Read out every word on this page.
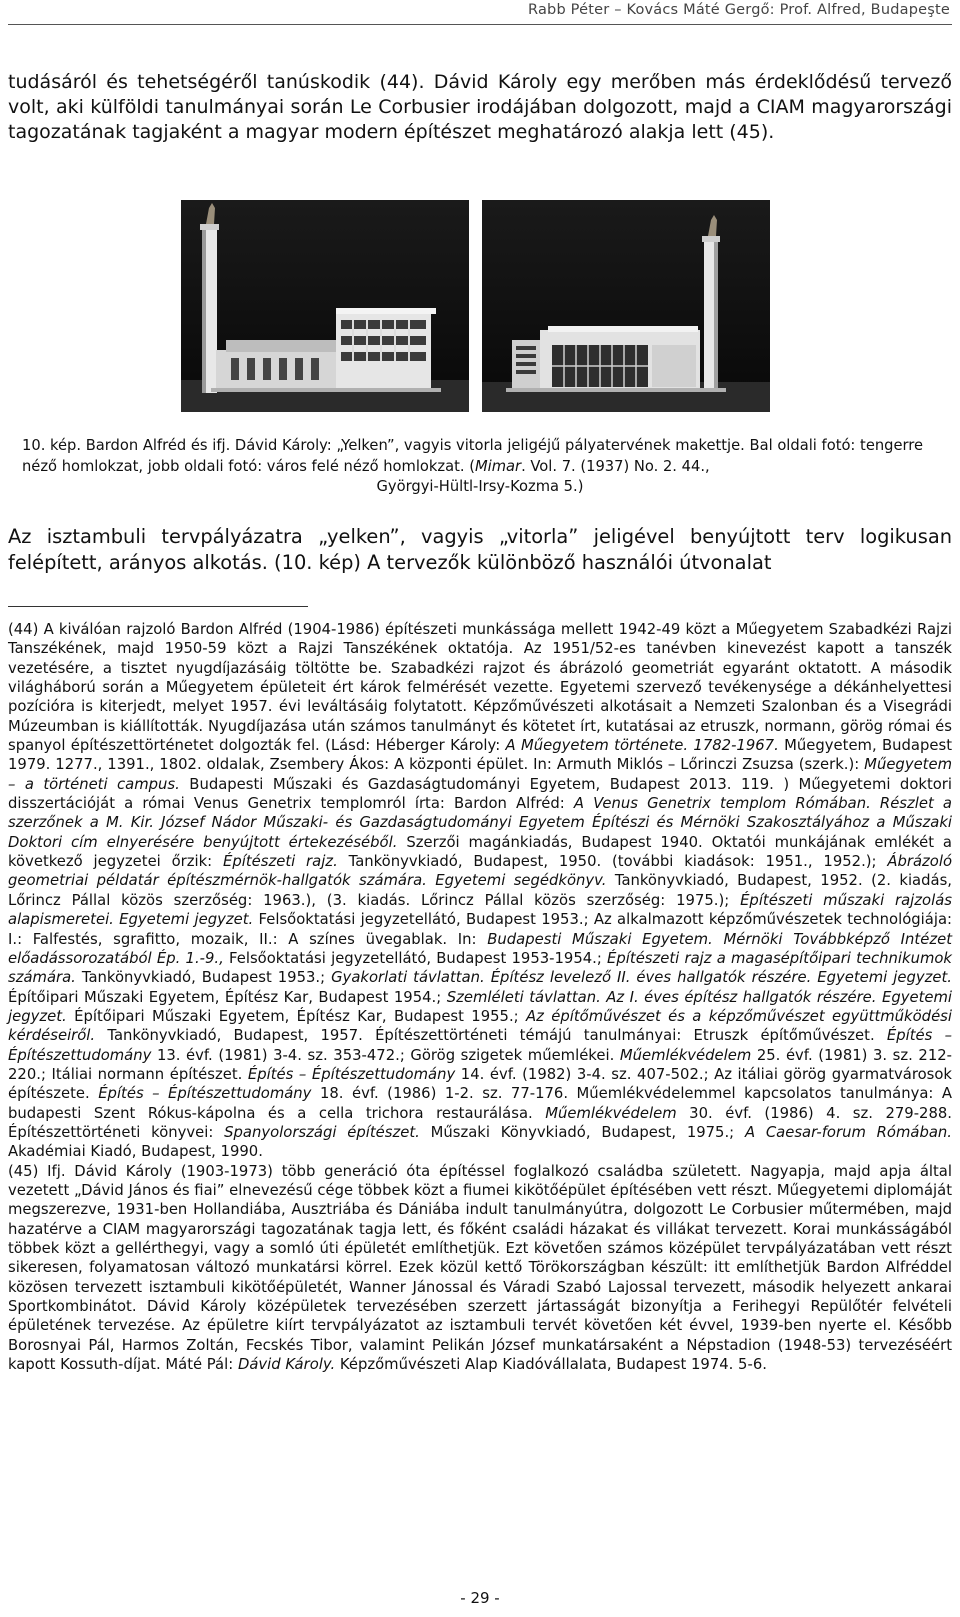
Rabb Péter – Kovács Máté Gergő: Prof. Alfred, Budapeşte
tudásáról és tehetségéről tanúskodik (44). Dávid Károly egy merőben más érdeklődésű tervező volt, aki külföldi tanulmányai során Le Corbusier irodájában dolgozott, majd a CIAM magyarországi tagozatának tagjaként a magyar modern építészet meghatározó alakja lett (45).
10. kép. Bardon Alfréd és ifj. Dávid Károly: „Yelken”, vagyis vitorla jeligéjű pályatervének makettje. Bal oldali fotó: tengerre néző homlokzat, jobb oldali fotó: város felé néző homlokzat. (Mimar. Vol. 7. (1937) No. 2. 44.,
Györgyi-Hültl-Irsy-Kozma 5.)
Az isztambuli tervpályázatra „yelken”, vagyis „vitorla” jeligével benyújtott terv logikusan felépített, arányos alkotás. (10. kép) A tervezők különböző használói útvonalat

(44) A kiválóan rajzoló Bardon Alfréd (1904-1986) építészeti munkássága mellett 1942-49 közt a Műegyetem Szabadkézi Rajzi Tanszékének, majd 1950-59 közt a Rajzi Tanszékének oktatója. Az 1951/52-es tanévben kinevezést kapott a tanszék vezetésére, a tisztet nyugdíjazásáig töltötte be. Szabadkézi rajzot és ábrázoló geometriát egyaránt oktatott. A második világháború során a Műegyetem épületeit ért károk felmérését vezette. Egyetemi szervező tevékenysége a dékánhelyettesi pozícióra is kiterjedt, melyet 1957. évi leváltásáig folytatott. Képzőművészeti alkotásait a Nemzeti Szalonban és a Visegrádi Múzeumban is kiállították. Nyugdíjazása után számos tanulmányt és kötetet írt, kutatásai az etruszk, normann, görög római és spanyol építészettörténetet dolgozták fel. (Lásd: Héberger Károly: A Műegyetem története. 1782-1967. Műegyetem, Budapest 1979. 1277., 1391., 1802. oldalak, Zsembery Ákos: A központi épület. In: Armuth Miklós – Lőrinczi Zsuzsa (szerk.): Műegyetem – a történeti campus. Budapesti Műszaki és Gazdaságtudományi Egyetem, Budapest 2013. 119. ) Műegyetemi doktori disszertációját a római Venus Genetrix templomról írta: Bardon Alfréd: A Venus Genetrix templom Rómában. Részlet a szerzőnek a M. Kir. József Nádor Műszaki- és Gazdaságtudományi Egyetem Építészi és Mérnöki Szakosztályához a Műszaki Doktori cím elnyerésére benyújtott értekezéséből. Szerzői magánkiadás, Budapest 1940. Oktatói munkájának emlékét a következő jegyzetei őrzik: Építészeti rajz. Tankönyvkiadó, Budapest, 1950. (további kiadások: 1951., 1952.); Ábrázoló geometriai példatár építészmérnök-hallgatók számára. Egyetemi segédkönyv. Tankönyvkiadó, Budapest, 1952. (2. kiadás, Lőrincz Pállal közös szerzőség: 1963.), (3. kiadás. Lőrincz Pállal közös szerzőség: 1975.); Építészeti műszaki rajzolás alapismeretei. Egyetemi jegyzet. Felsőoktatási jegyzetellátó, Budapest 1953.; Az alkalmazott képzőművészetek technológiája: I.: Falfestés, sgrafitto, mozaik, II.: A színes üvegablak. In: Budapesti Műszaki Egyetem. Mérnöki Továbbképző Intézet előadássorozatából Ép. 1.-9., Felsőoktatási jegyzetellátó, Budapest 1953-1954.; Építészeti rajz a magasépítőipari technikumok számára. Tankönyvkiadó, Budapest 1953.; Gyakorlati távlattan. Építész levelező II. éves hallgatók részére. Egyetemi jegyzet. Építőipari Műszaki Egyetem, Építész Kar, Budapest 1954.; Szemléleti távlattan. Az I. éves építész hallgatók részére. Egyetemi jegyzet. Építőipari Műszaki Egyetem, Építész Kar, Budapest 1955.; Az építőművészet és a képzőművészet együttműködési kérdéseiről. Tankönyvkiadó, Budapest, 1957. Építészettörténeti témájú tanulmányai: Etruszk építőművészet. Építés – Építészettudomány 13. évf. (1981) 3-4. sz. 353-472.; Görög szigetek műemlékei. Műemlékvédelem 25. évf. (1981) 3. sz. 212-220.; Itáliai normann építészet. Építés – Építészettudomány 14. évf. (1982) 3-4. sz. 407-502.; Az itáliai görög gyarmatvárosok építészete. Építés – Építészettudomány 18. évf. (1986) 1-2. sz. 77-176. Műemlékvédelemmel kapcsolatos tanulmánya: A budapesti Szent Rókus-kápolna és a cella trichora restaurálása. Műemlékvédelem 30. évf. (1986) 4. sz. 279-288. Építészettörténeti könyvei: Spanyolországi építészet. Műszaki Könyvkiadó, Budapest, 1975.; A Caesar-forum Rómában. Akadémiai Kiadó, Budapest, 1990.

(45) Ifj. Dávid Károly (1903-1973) több generáció óta építéssel foglalkozó családba született. Nagyapja, majd apja által vezetett „Dávid János és fiai” elnevezésű cége többek közt a fiumei kikötőépület építésében vett részt. Műegyetemi diplomáját megszerezve, 1931-ben Hollandiába, Ausztriába és Dániába indult tanulmányútra, dolgozott Le Corbusier műtermében, majd hazatérve a CIAM magyarországi tagozatának tagja lett, és főként családi házakat és villákat tervezett. Korai munkásságából többek közt a gellérthegyi, vagy a somló úti épületét említhetjük. Ezt követően számos középület tervpályázatában vett részt sikeresen, folyamatosan változó munkatársi körrel. Ezek közül kettő Törökországban készült: itt említhetjük Bardon Alfréddel közösen tervezett isztambuli kikötőépületét, Wanner Jánossal és Váradi Szabó Lajossal tervezett, második helyezett ankarai Sportkombinátot. Dávid Károly középületek tervezésében szerzett jártasságát bizonyítja a Ferihegyi Repülőtér felvételi épületének tervezése. Az épületre kiírt tervpályázatot az isztambuli tervét követően két évvel, 1939-ben nyerte el. Később Borosnyai Pál, Harmos Zoltán, Fecskés Tibor, valamint Pelikán József munkatársaként a Népstadion (1948-53) tervezéséért kapott Kossuth-díjat. Máté Pál: Dávid Károly. Képzőművészeti Alap Kiadóvállalata, Budapest 1974. 5-6.

- 29 -
